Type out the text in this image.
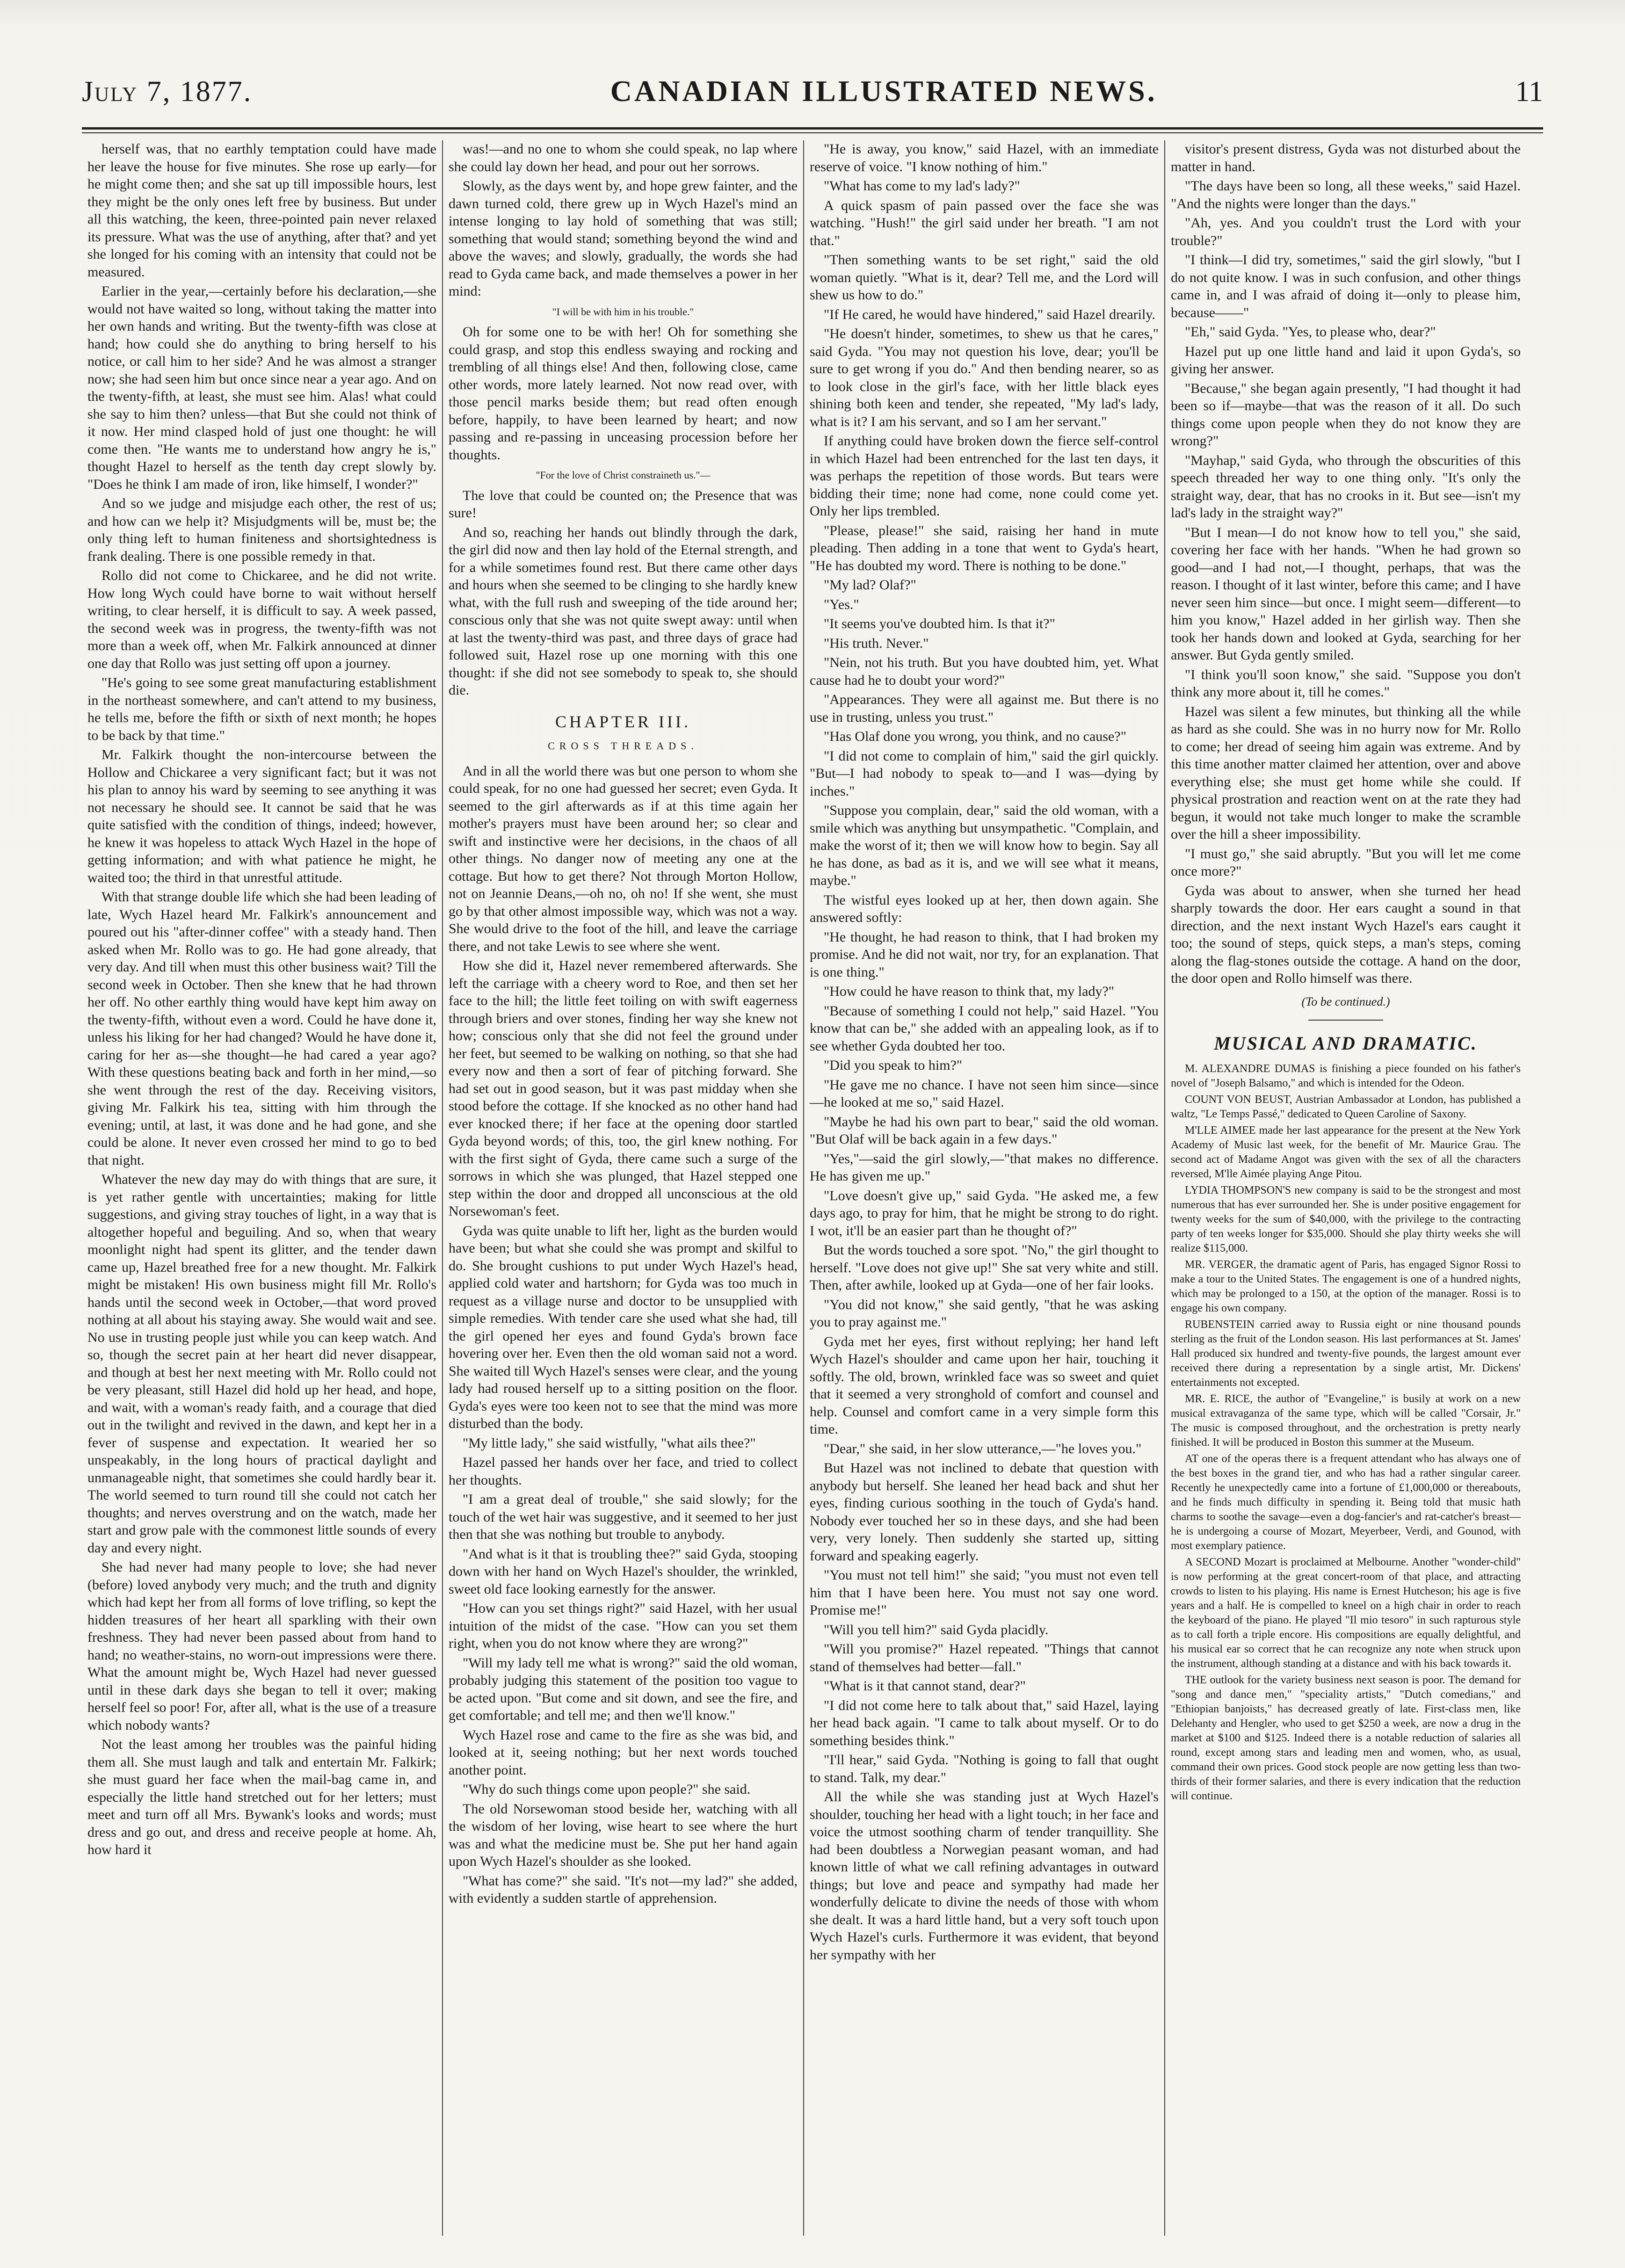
July 7, 1877.	CANADIAN ILLUSTRATED NEWS.	11

herself was, that no earthly temptation could have made her leave the house for five minutes. She rose up early—for he might come then; and she sat up till impossible hours, lest they might be the only ones left free by business. But under all this watching, the keen, three-pointed pain never relaxed its pressure. What was the use of anything, after that? and yet she longed for his coming with an intensity that could not be measured.

Earlier in the year,—certainly before his declaration,—she would not have waited so long, without taking the matter into her own hands and writing. But the twenty-fifth was close at hand; how could she do anything to bring herself to his notice, or call him to her side? And he was almost a stranger now; she had seen him but once since near a year ago. And on the twenty-fifth, at least, she must see him. Alas! what could she say to him then? unless—that But she could not think of it now. Her mind clasped hold of just one thought: he will come then. "He wants me to understand how angry he is," thought Hazel to herself as the tenth day crept slowly by. "Does he think I am made of iron, like himself, I wonder?"

And so we judge and misjudge each other, the rest of us; and how can we help it? Misjudgments will be, must be; the only thing left to human finiteness and shortsightedness is frank dealing. There is one possible remedy in that.

Rollo did not come to Chickaree, and he did not write. How long Wych could have borne to wait without herself writing, to clear herself, it is difficult to say. A week passed, the second week was in progress, the twenty-fifth was not more than a week off, when Mr. Falkirk announced at dinner one day that Rollo was just setting off upon a journey.

"He's going to see some great manufacturing establishment in the northeast somewhere, and can't attend to my business, he tells me, before the fifth or sixth of next month; he hopes to be back by that time."

Mr. Falkirk thought the non-intercourse between the Hollow and Chickaree a very significant fact; but it was not his plan to annoy his ward by seeming to see anything it was not necessary he should see. It cannot be said that he was quite satisfied with the condition of things, indeed; however, he knew it was hopeless to attack Wych Hazel in the hope of getting information; and with what patience he might, he waited too; the third in that unrestful attitude.

With that strange double life which she had been leading of late, Wych Hazel heard Mr. Falkirk's announcement and poured out his "after-dinner coffee" with a steady hand. Then asked when Mr. Rollo was to go. He had gone already, that very day. And till when must this other business wait? Till the second week in October. Then she knew that he had thrown her off. No other earthly thing would have kept him away on the twenty-fifth, without even a word. Could he have done it, unless his liking for her had changed? Would he have done it, caring for her as—she thought—he had cared a year ago? With these questions beating back and forth in her mind,—so she went through the rest of the day. Receiving visitors, giving Mr. Falkirk his tea, sitting with him through the evening; until, at last, it was done and he had gone, and she could be alone. It never even crossed her mind to go to bed that night.

Whatever the new day may do with things that are sure, it is yet rather gentle with uncertainties; making for little suggestions, and giving stray touches of light, in a way that is altogether hopeful and beguiling. And so, when that weary moonlight night had spent its glitter, and the tender dawn came up, Hazel breathed free for a new thought. Mr. Falkirk might be mistaken! His own business might fill Mr. Rollo's hands until the second week in October,—that word proved nothing at all about his staying away. She would wait and see. No use in trusting people just while you can keep watch. And so, though the secret pain at her heart did never disappear, and though at best her next meeting with Mr. Rollo could not be very pleasant, still Hazel did hold up her head, and hope, and wait, with a woman's ready faith, and a courage that died out in the twilight and revived in the dawn, and kept her in a fever of suspense and expectation. It wearied her so unspeakably, in the long hours of practical daylight and unmanageable night, that sometimes she could hardly bear it. The world seemed to turn round till she could not catch her thoughts; and nerves overstrung and on the watch, made her start and grow pale with the commonest little sounds of every day and every night.

She had never had many people to love; she had never (before) loved anybody very much; and the truth and dignity which had kept her from all forms of love trifling, so kept the hidden treasures of her heart all sparkling with their own freshness. They had never been passed about from hand to hand; no weather-stains, no worn-out impressions were there. What the amount might be, Wych Hazel had never guessed until in these dark days she began to tell it over; making herself feel so poor! For, after all, what is the use of a treasure which nobody wants?

Not the least among her troubles was the painful hiding them all. She must laugh and talk and entertain Mr. Falkirk; she must guard her face when the mail-bag came in, and especially the little hand stretched out for her letters; must meet and turn off all Mrs. Bywank's looks and words; must dress and go out, and dress and receive people at home. Ah, how hard it

was!—and no one to whom she could speak, no lap where she could lay down her head, and pour out her sorrows.

Slowly, as the days went by, and hope grew fainter, and the dawn turned cold, there grew up in Wych Hazel's mind an intense longing to lay hold of something that was still; something that would stand; something beyond the wind and above the waves; and slowly, gradually, the words she had read to Gyda came back, and made themselves a power in her mind:

"I will be with him in his trouble."

Oh for some one to be with her! Oh for something she could grasp, and stop this endless swaying and rocking and trembling of all things else! And then, following close, came other words, more lately learned. Not now read over, with those pencil marks beside them; but read often enough before, happily, to have been learned by heart; and now passing and re-passing in unceasing procession before her thoughts.

"For the love of Christ constraineth us."—

The love that could be counted on; the Presence that was sure!

And so, reaching her hands out blindly through the dark, the girl did now and then lay hold of the Eternal strength, and for a while sometimes found rest. But there came other days and hours when she seemed to be clinging to she hardly knew what, with the full rush and sweeping of the tide around her; conscious only that she was not quite swept away: until when at last the twenty-third was past, and three days of grace had followed suit, Hazel rose up one morning with this one thought: if she did not see somebody to speak to, she should die.

CHAPTER III.

CROSS THREADS.

And in all the world there was but one person to whom she could speak, for no one had guessed her secret; even Gyda. It seemed to the girl afterwards as if at this time again her mother's prayers must have been around her; so clear and swift and instinctive were her decisions, in the chaos of all other things. No danger now of meeting any one at the cottage. But how to get there? Not through Morton Hollow, not on Jeannie Deans,—oh no, oh no! If she went, she must go by that other almost impossible way, which was not a way. She would drive to the foot of the hill, and leave the carriage there, and not take Lewis to see where she went.

How she did it, Hazel never remembered afterwards. She left the carriage with a cheery word to Roe, and then set her face to the hill; the little feet toiling on with swift eagerness through briers and over stones, finding her way she knew not how; conscious only that she did not feel the ground under her feet, but seemed to be walking on nothing, so that she had every now and then a sort of fear of pitching forward. She had set out in good season, but it was past midday when she stood before the cottage. If she knocked as no other hand had ever knocked there; if her face at the opening door startled Gyda beyond words; of this, too, the girl knew nothing. For with the first sight of Gyda, there came such a surge of the sorrows in which she was plunged, that Hazel stepped one step within the door and dropped all unconscious at the old Norsewoman's feet.

Gyda was quite unable to lift her, light as the burden would have been; but what she could she was prompt and skilful to do. She brought cushions to put under Wych Hazel's head, applied cold water and hartshorn; for Gyda was too much in request as a village nurse and doctor to be unsupplied with simple remedies. With tender care she used what she had, till the girl opened her eyes and found Gyda's brown face hovering over her. Even then the old woman said not a word. She waited till Wych Hazel's senses were clear, and the young lady had roused herself up to a sitting position on the floor. Gyda's eyes were too keen not to see that the mind was more disturbed than the body.

"My little lady," she said wistfully, "what ails thee?"

Hazel passed her hands over her face, and tried to collect her thoughts.

"I am a great deal of trouble," she said slowly; for the touch of the wet hair was suggestive, and it seemed to her just then that she was nothing but trouble to anybody.

"And what is it that is troubling thee?" said Gyda, stooping down with her hand on Wych Hazel's shoulder, the wrinkled, sweet old face looking earnestly for the answer.

"How can you set things right?" said Hazel, with her usual intuition of the midst of the case. "How can you set them right, when you do not know where they are wrong?"

"Will my lady tell me what is wrong?" said the old woman, probably judging this statement of the position too vague to be acted upon. "But come and sit down, and see the fire, and get comfortable; and tell me; and then we'll know."

Wych Hazel rose and came to the fire as she was bid, and looked at it, seeing nothing; but her next words touched another point.

"Why do such things come upon people?" she said.

The old Norsewoman stood beside her, watching with all the wisdom of her loving, wise heart to see where the hurt was and what the medicine must be. She put her hand again upon Wych Hazel's shoulder as she looked.

"What has come?" she said. "It's not—my lad?" she added, with evidently a sudden startle of apprehension.

"He is away, you know," said Hazel, with an immediate reserve of voice. "I know nothing of him."

"What has come to my lad's lady?"

A quick spasm of pain passed over the face she was watching. "Hush!" the girl said under her breath. "I am not that."

"Then something wants to be set right," said the old woman quietly. "What is it, dear? Tell me, and the Lord will shew us how to do."

"If He cared, he would have hindered," said Hazel drearily.

"He doesn't hinder, sometimes, to shew us that he cares," said Gyda. "You may not question his love, dear; you'll be sure to get wrong if you do." And then bending nearer, so as to look close in the girl's face, with her little black eyes shining both keen and tender, she repeated, "My lad's lady, what is it? I am his servant, and so I am her servant."

If anything could have broken down the fierce self-control in which Hazel had been entrenched for the last ten days, it was perhaps the repetition of those words. But tears were bidding their time; none had come, none could come yet. Only her lips trembled.

"Please, please!" she said, raising her hand in mute pleading. Then adding in a tone that went to Gyda's heart, "He has doubted my word. There is nothing to be done."

"My lad? Olaf?"

"Yes."

"It seems you've doubted him. Is that it?"

"His truth. Never."

"Nein, not his truth. But you have doubted him, yet. What cause had he to doubt your word?"

"Appearances. They were all against me. But there is no use in trusting, unless you trust."

"Has Olaf done you wrong, you think, and no cause?"

"I did not come to complain of him," said the girl quickly. "But—I had nobody to speak to—and I was—dying by inches."

"Suppose you complain, dear," said the old woman, with a smile which was anything but unsympathetic. "Complain, and make the worst of it; then we will know how to begin. Say all he has done, as bad as it is, and we will see what it means, maybe."

The wistful eyes looked up at her, then down again. She answered softly:

"He thought, he had reason to think, that I had broken my promise. And he did not wait, nor try, for an explanation. That is one thing."

"How could he have reason to think that, my lady?"

"Because of something I could not help," said Hazel. "You know that can be," she added with an appealing look, as if to see whether Gyda doubted her too.

"Did you speak to him?"

"He gave me no chance. I have not seen him since—since—he looked at me so," said Hazel.

"Maybe he had his own part to bear," said the old woman. "But Olaf will be back again in a few days."

"Yes,"—said the girl slowly,—"that makes no difference. He has given me up."

"Love doesn't give up," said Gyda. "He asked me, a few days ago, to pray for him, that he might be strong to do right. I wot, it'll be an easier part than he thought of?"

But the words touched a sore spot. "No," the girl thought to herself. "Love does not give up!" She sat very white and still. Then, after awhile, looked up at Gyda—one of her fair looks.

"You did not know," she said gently, "that he was asking you to pray against me."

Gyda met her eyes, first without replying; her hand left Wych Hazel's shoulder and came upon her hair, touching it softly. The old, brown, wrinkled face was so sweet and quiet that it seemed a very stronghold of comfort and counsel and help. Counsel and comfort came in a very simple form this time.

"Dear," she said, in her slow utterance,—"he loves you."

But Hazel was not inclined to debate that question with anybody but herself. She leaned her head back and shut her eyes, finding curious soothing in the touch of Gyda's hand. Nobody ever touched her so in these days, and she had been very, very lonely. Then suddenly she started up, sitting forward and speaking eagerly.

"You must not tell him!" she said; "you must not even tell him that I have been here. You must not say one word. Promise me!"

"Will you tell him?" said Gyda placidly.

"Will you promise?" Hazel repeated. "Things that cannot stand of themselves had better—fall."

"What is it that cannot stand, dear?"

"I did not come here to talk about that," said Hazel, laying her head back again. "I came to talk about myself. Or to do something besides think."

"I'll hear," said Gyda. "Nothing is going to fall that ought to stand. Talk, my dear."

All the while she was standing just at Wych Hazel's shoulder, touching her head with a light touch; in her face and voice the utmost soothing charm of tender tranquillity. She had been doubtless a Norwegian peasant woman, and had known little of what we call refining advantages in outward things; but love and peace and sympathy had made her wonderfully delicate to divine the needs of those with whom she dealt. It was a hard little hand, but a very soft touch upon Wych Hazel's curls. Furthermore it was evident, that beyond her sympathy with her

visitor's present distress, Gyda was not disturbed about the matter in hand.

"The days have been so long, all these weeks," said Hazel. "And the nights were longer than the days."

"Ah, yes. And you couldn't trust the Lord with your trouble?"

"I think—I did try, sometimes," said the girl slowly, "but I do not quite know. I was in such confusion, and other things came in, and I was afraid of doing it—only to please him, because——"

"Eh," said Gyda. "Yes, to please who, dear?"

Hazel put up one little hand and laid it upon Gyda's, so giving her answer.

"Because," she began again presently, "I had thought it had been so if—maybe—that was the reason of it all. Do such things come upon people when they do not know they are wrong?"

"Mayhap," said Gyda, who through the obscurities of this speech threaded her way to one thing only. "It's only the straight way, dear, that has no crooks in it. But see—isn't my lad's lady in the straight way?"

"But I mean—I do not know how to tell you," she said, covering her face with her hands. "When he had grown so good—and I had not,—I thought, perhaps, that was the reason. I thought of it last winter, before this came; and I have never seen him since—but once. I might seem—different—to him you know," Hazel added in her girlish way. Then she took her hands down and looked at Gyda, searching for her answer. But Gyda gently smiled.

"I think you'll soon know," she said. "Suppose you don't think any more about it, till he comes."

Hazel was silent a few minutes, but thinking all the while as hard as she could. She was in no hurry now for Mr. Rollo to come; her dread of seeing him again was extreme. And by this time another matter claimed her attention, over and above everything else; she must get home while she could. If physical prostration and reaction went on at the rate they had begun, it would not take much longer to make the scramble over the hill a sheer impossibility.

"I must go," she said abruptly. "But you will let me come once more?"

Gyda was about to answer, when she turned her head sharply towards the door. Her ears caught a sound in that direction, and the next instant Wych Hazel's ears caught it too; the sound of steps, quick steps, a man's steps, coming along the flag-stones outside the cottage. A hand on the door, the door open and Rollo himself was there.

(To be continued.)

MUSICAL AND DRAMATIC.

M. ALEXANDRE DUMAS is finishing a piece founded on his father's novel of "Joseph Balsamo," and which is intended for the Odeon.

COUNT VON BEUST, Austrian Ambassador at London, has published a waltz, "Le Temps Passé," dedicated to Queen Caroline of Saxony.

M'LLE AIMEE made her last appearance for the present at the New York Academy of Music last week, for the benefit of Mr. Maurice Grau. The second act of Madame Angot was given with the sex of all the characters reversed, M'lle Aimée playing Ange Pitou.

LYDIA THOMPSON'S new company is said to be the strongest and most numerous that has ever surrounded her. She is under positive engagement for twenty weeks for the sum of $40,000, with the privilege to the contracting party of ten weeks longer for $35,000. Should she play thirty weeks she will realize $115,000.

MR. VERGER, the dramatic agent of Paris, has engaged Signor Rossi to make a tour to the United States. The engagement is one of a hundred nights, which may be prolonged to a 150, at the option of the manager. Rossi is to engage his own company.

RUBENSTEIN carried away to Russia eight or nine thousand pounds sterling as the fruit of the London season. His last performances at St. James' Hall produced six hundred and twenty-five pounds, the largest amount ever received there during a representation by a single artist, Mr. Dickens' entertainments not excepted.

MR. E. RICE, the author of "Evangeline," is busily at work on a new musical extravaganza of the same type, which will be called "Corsair, Jr." The music is composed throughout, and the orchestration is pretty nearly finished. It will be produced in Boston this summer at the Museum.

AT one of the operas there is a frequent attendant who has always one of the best boxes in the grand tier, and who has had a rather singular career. Recently he unexpectedly came into a fortune of £1,000,000 or thereabouts, and he finds much difficulty in spending it. Being told that music hath charms to soothe the savage—even a dog-fancier's and rat-catcher's breast—he is undergoing a course of Mozart, Meyerbeer, Verdi, and Gounod, with most exemplary patience.

A SECOND Mozart is proclaimed at Melbourne. Another "wonder-child" is now performing at the great concert-room of that place, and attracting crowds to listen to his playing. His name is Ernest Hutcheson; his age is five years and a half. He is compelled to kneel on a high chair in order to reach the keyboard of the piano. He played "Il mio tesoro" in such rapturous style as to call forth a triple encore. His compositions are equally delightful, and his musical ear so correct that he can recognize any note when struck upon the instrument, although standing at a distance and with his back towards it.

THE outlook for the variety business next season is poor. The demand for "song and dance men," "speciality artists," "Dutch comedians," and "Ethiopian banjoists," has decreased greatly of late. First-class men, like Delehanty and Hengler, who used to get $250 a week, are now a drug in the market at $100 and $125. Indeed there is a notable reduction of salaries all round, except among stars and leading men and women, who, as usual, command their own prices. Good stock people are now getting less than two-thirds of their former salaries, and there is every indication that the reduction will continue.
